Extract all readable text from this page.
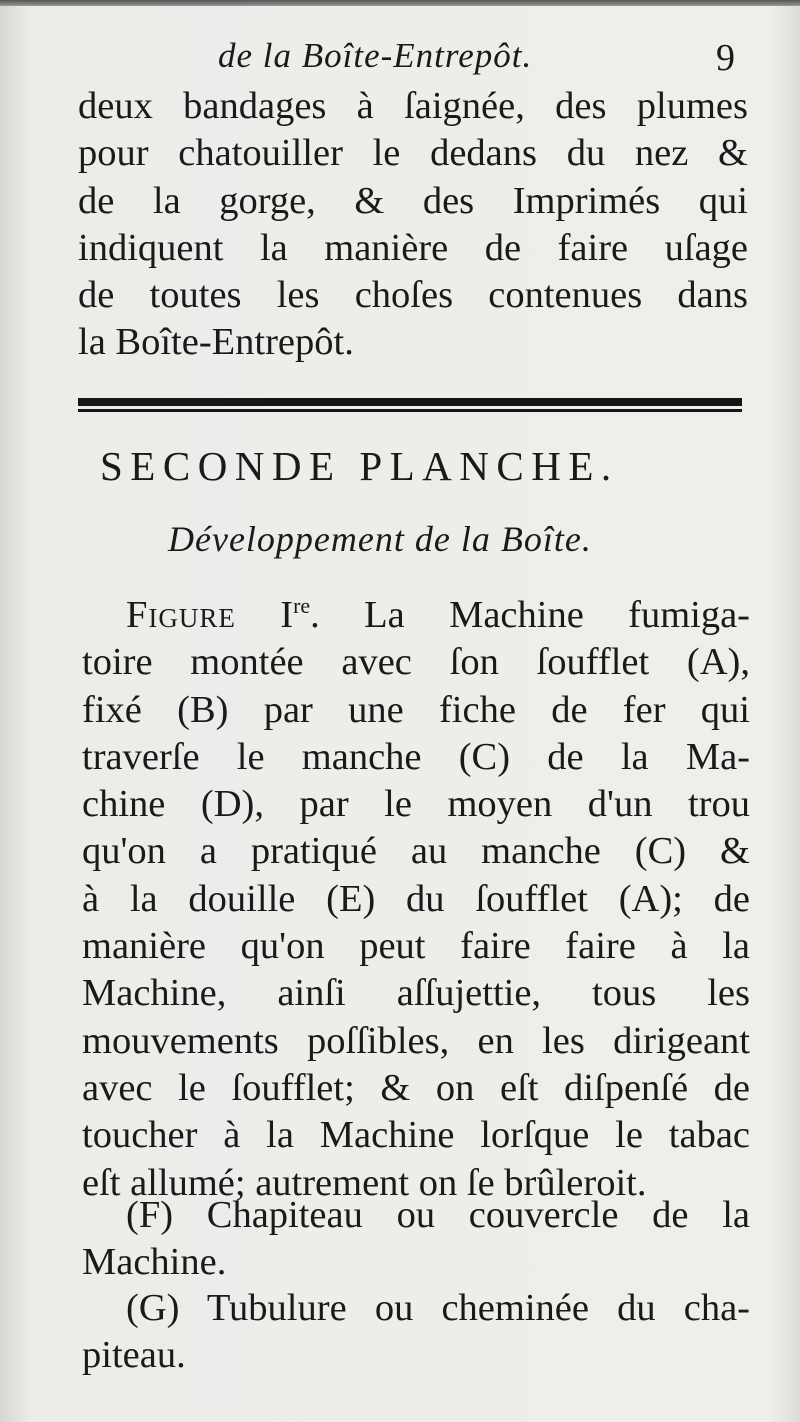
de la Boîte-Entrepôt.	9
deux bandages à ſaignée, des plumes
pour chatouiller le dedans du nez &
de la gorge, & des Imprimés qui
indiquent la manière de faire uſage
de toutes les choſes contenues dans
la Boîte-Entrepôt.
SECONDE PLANCHE.
Développement de la Boîte.
Figure Ire. La Machine fumiga-
toire montée avec ſon ſoufflet (A),
fixé (B) par une fiche de fer qui
traverſe le manche (C) de la Ma-
chine (D), par le moyen d'un trou
qu'on a pratiqué au manche (C) &
à la douille (E) du ſoufflet (A); de
manière qu'on peut faire faire à la
Machine, ainſi aſſujettie, tous les
mouvements poſſibles, en les dirigeant
avec le ſoufflet; & on eſt diſpenſé de
toucher à la Machine lorſque le tabac
eſt allumé; autrement on ſe brûleroit.
(F) Chapiteau ou couvercle de la
Machine.
(G) Tubulure ou cheminée du cha-
piteau.
